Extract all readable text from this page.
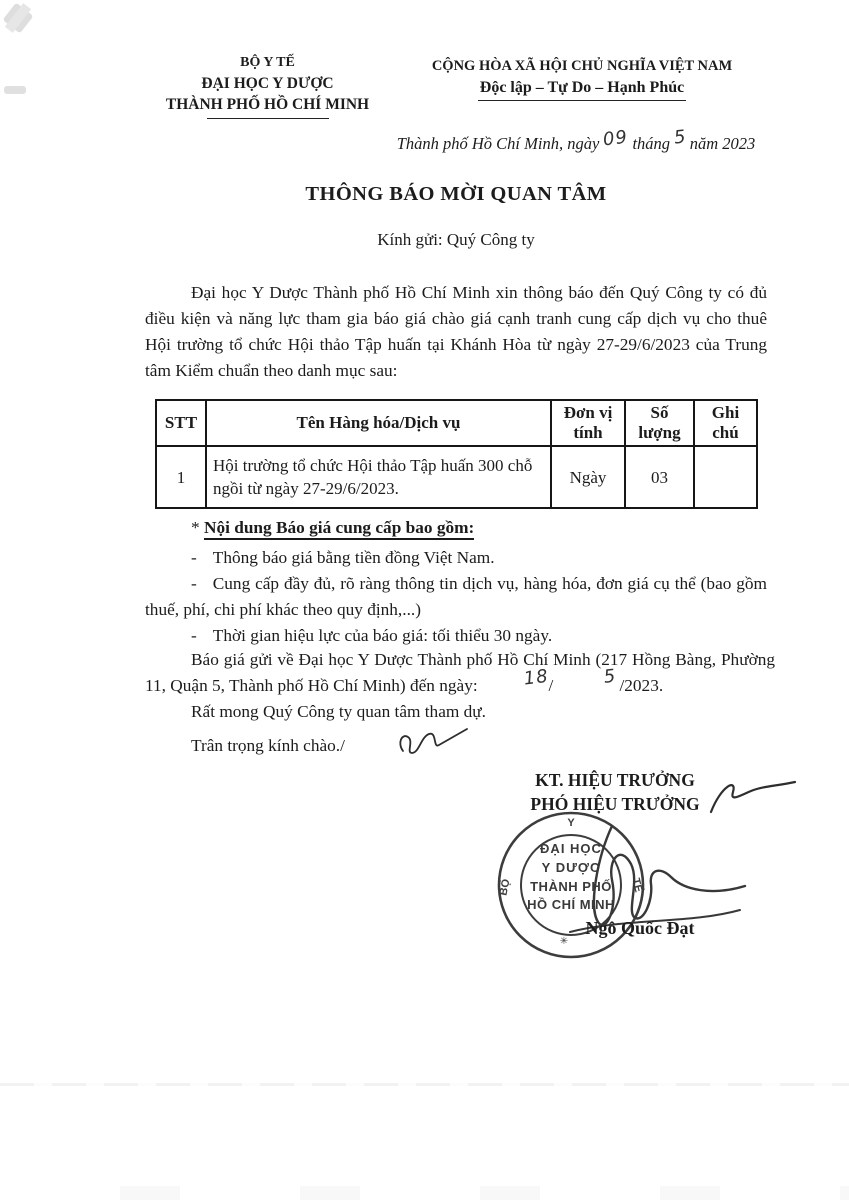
BỘ Y TẾ
ĐẠI HỌC Y DƯỢC
THÀNH PHỐ HỒ CHÍ MINH
CỘNG HÒA XÃ HỘI CHỦ NGHĨA VIỆT NAM
Độc lập – Tự Do – Hạnh Phúc
Thành phố Hồ Chí Minh, ngày 09 tháng 5 năm 2023
THÔNG BÁO MỜI QUAN TÂM
Kính gửi: Quý Công ty
Đại học Y Dược Thành phố Hồ Chí Minh xin thông báo đến Quý Công ty có đủ điều kiện và năng lực tham gia báo giá chào giá cạnh tranh cung cấp dịch vụ cho thuê Hội trường tổ chức Hội thảo Tập huấn tại Khánh Hòa từ ngày 27-29/6/2023 của Trung tâm Kiểm chuẩn theo danh mục sau:
STT	Tên Hàng hóa/Dịch vụ	Đơn vị tính	Số lượng	Ghi chú
1	Hội trường tổ chức Hội thảo Tập huấn 300 chỗ ngồi từ ngày 27-29/6/2023.	Ngày	03	
* Nội dung Báo giá cung cấp bao gồm:

- Thông báo giá bằng tiền đồng Việt Nam.

- Cung cấp đầy đủ, rõ ràng thông tin dịch vụ, hàng hóa, đơn giá cụ thể (bao gồm thuế, phí, chi phí khác theo quy định,...)

- Thời gian hiệu lực của báo giá: tối thiểu 30 ngày.

Báo giá gửi về Đại học Y Dược Thành phố Hồ Chí Minh (217 Hồng Bàng, Phường 11, Quận 5, Thành phố Hồ Chí Minh) đến ngày: 18/	5 /2023.

Rất mong Quý Công ty quan tâm tham dự.

Trân trọng kính chào./

KT. HIỆU TRƯỞNG
PHÓ HIỆU TRƯỞNG
Y
BỘ	TẾ
✳
ĐẠI HỌC
Y DƯỢC
THÀNH PHỐ
HỒ CHÍ MINH
Ngô Quốc Đạt
